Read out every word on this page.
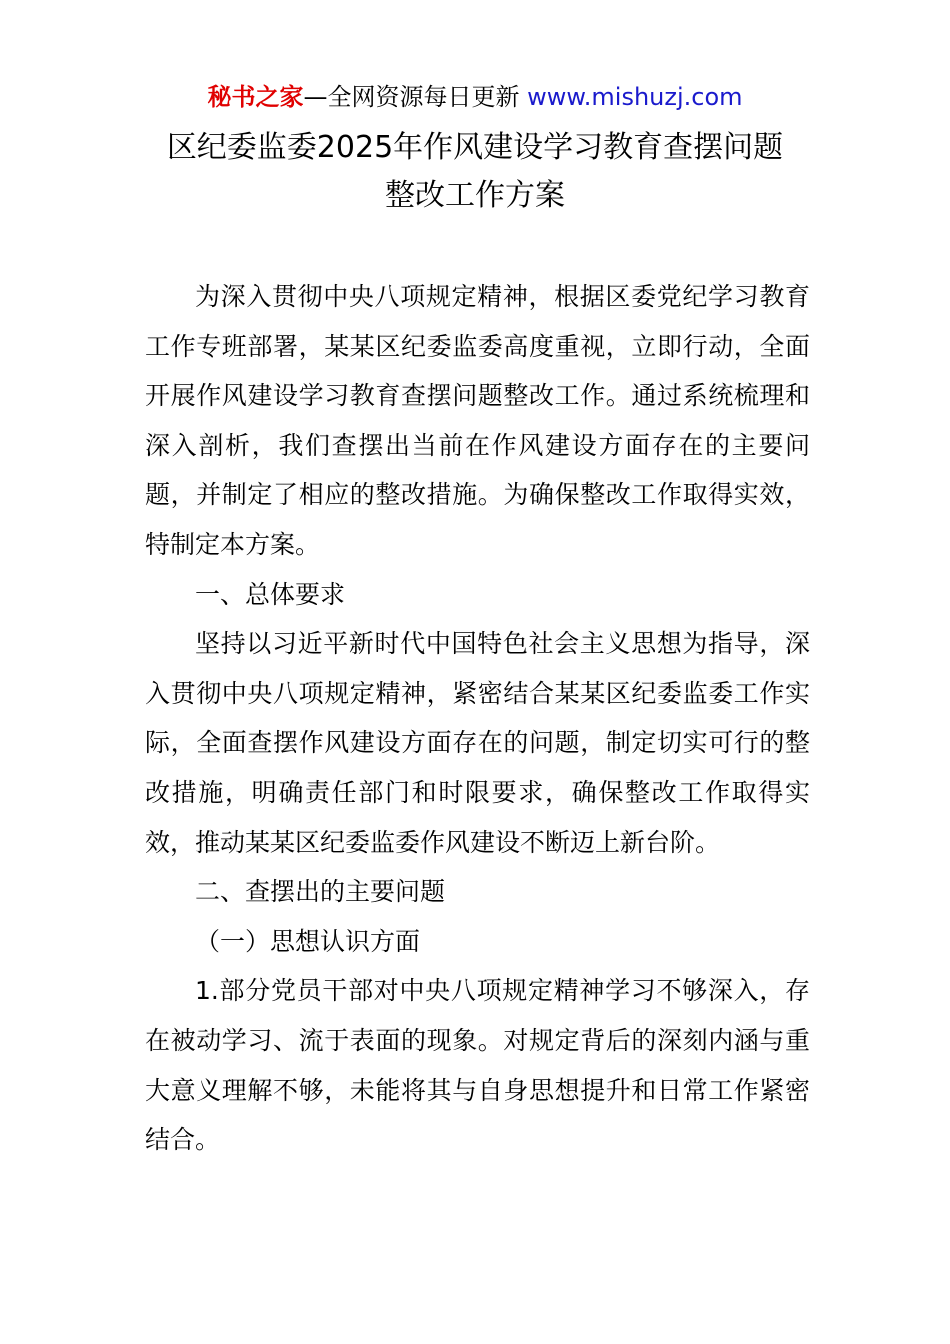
秘书之家—全网资源每日更新 www.mishuzj.com
区纪委监委2025年作风建设学习教育查摆问题
整改工作方案

为深入贯彻中央八项规定精神，根据区委党纪学习教育工作专班部署，某某区纪委监委高度重视，立即行动，全面开展作风建设学习教育查摆问题整改工作。通过系统梳理和深入剖析，我们查摆出当前在作风建设方面存在的主要问题，并制定了相应的整改措施。为确保整改工作取得实效，特制定本方案。

一、总体要求

坚持以习近平新时代中国特色社会主义思想为指导，深入贯彻中央八项规定精神，紧密结合某某区纪委监委工作实际，全面查摆作风建设方面存在的问题，制定切实可行的整改措施，明确责任部门和时限要求，确保整改工作取得实效，推动某某区纪委监委作风建设不断迈上新台阶。

二、查摆出的主要问题

（一）思想认识方面

1.部分党员干部对中央八项规定精神学习不够深入，存在被动学习、流于表面的现象。对规定背后的深刻内涵与重大意义理解不够，未能将其与自身思想提升和日常工作紧密结合。
